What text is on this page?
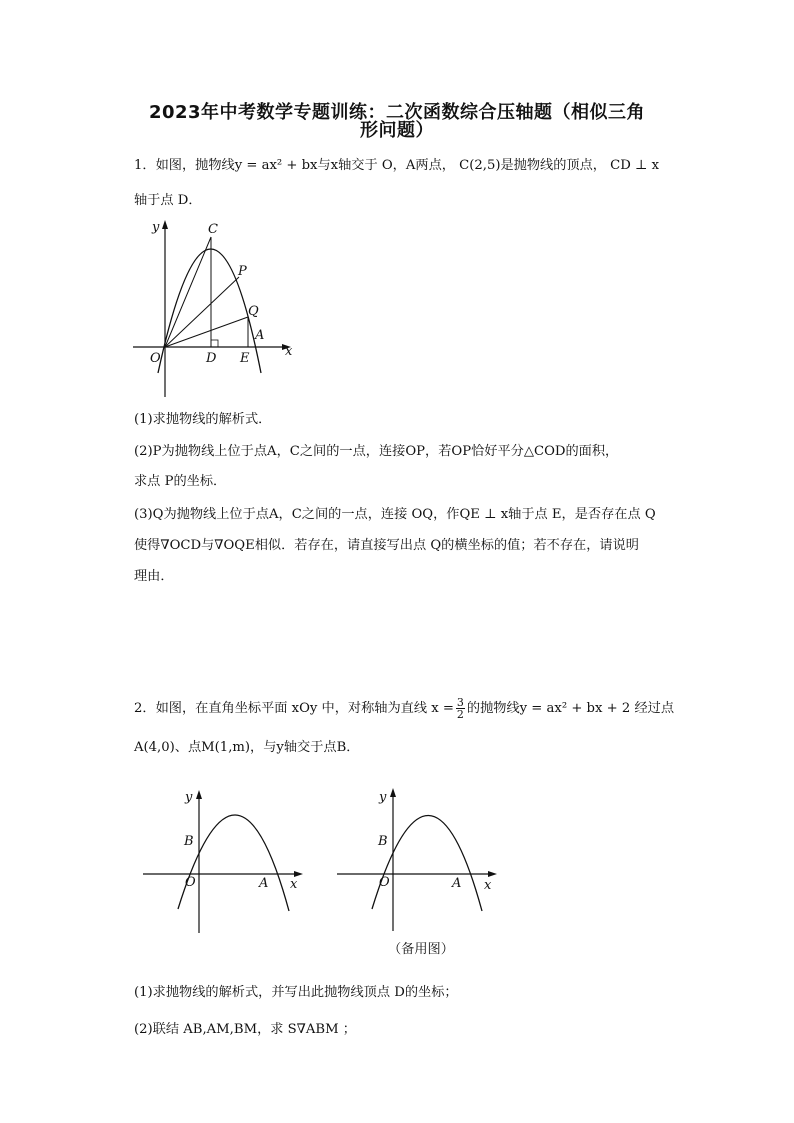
2023年中考数学专题训练：二次函数综合压轴题（相似三角
形问题）
1．如图，抛物线y = ax² + bx与x轴交于 O，A两点， C(2,5)是抛物线的顶点， CD ⊥ x
轴于点 D．
y	C
P
Q
A
O	D E	x
(1)求抛物线的解析式．
(2)P为抛物线上位于点A，C之间的一点，连接OP，若OP恰好平分△COD的面积，
求点 P的坐标．
(3)Q为抛物线上位于点A，C之间的一点，连接 OQ，作QE ⊥ x轴于点 E，是否存在点 Q
使得∇OCD与∇OQE相似．若存在，请直接写出点 Q的横坐标的值；若不存在，请说明
理由．
2．如图，在直角坐标平面 xOy 中，对称轴为直线 $x = \frac{3}{2}$ 的抛物线y = ax² + bx + 2 经过点
A(4,0)、点M(1,m)，与y轴交于点B．
y
B
O	A x
y
B
O	A x
（备用图）
(1)求抛物线的解析式，并写出此抛物线顶点 D的坐标；
(2)联结 AB,AM,BM，求 S∇ABM ；
